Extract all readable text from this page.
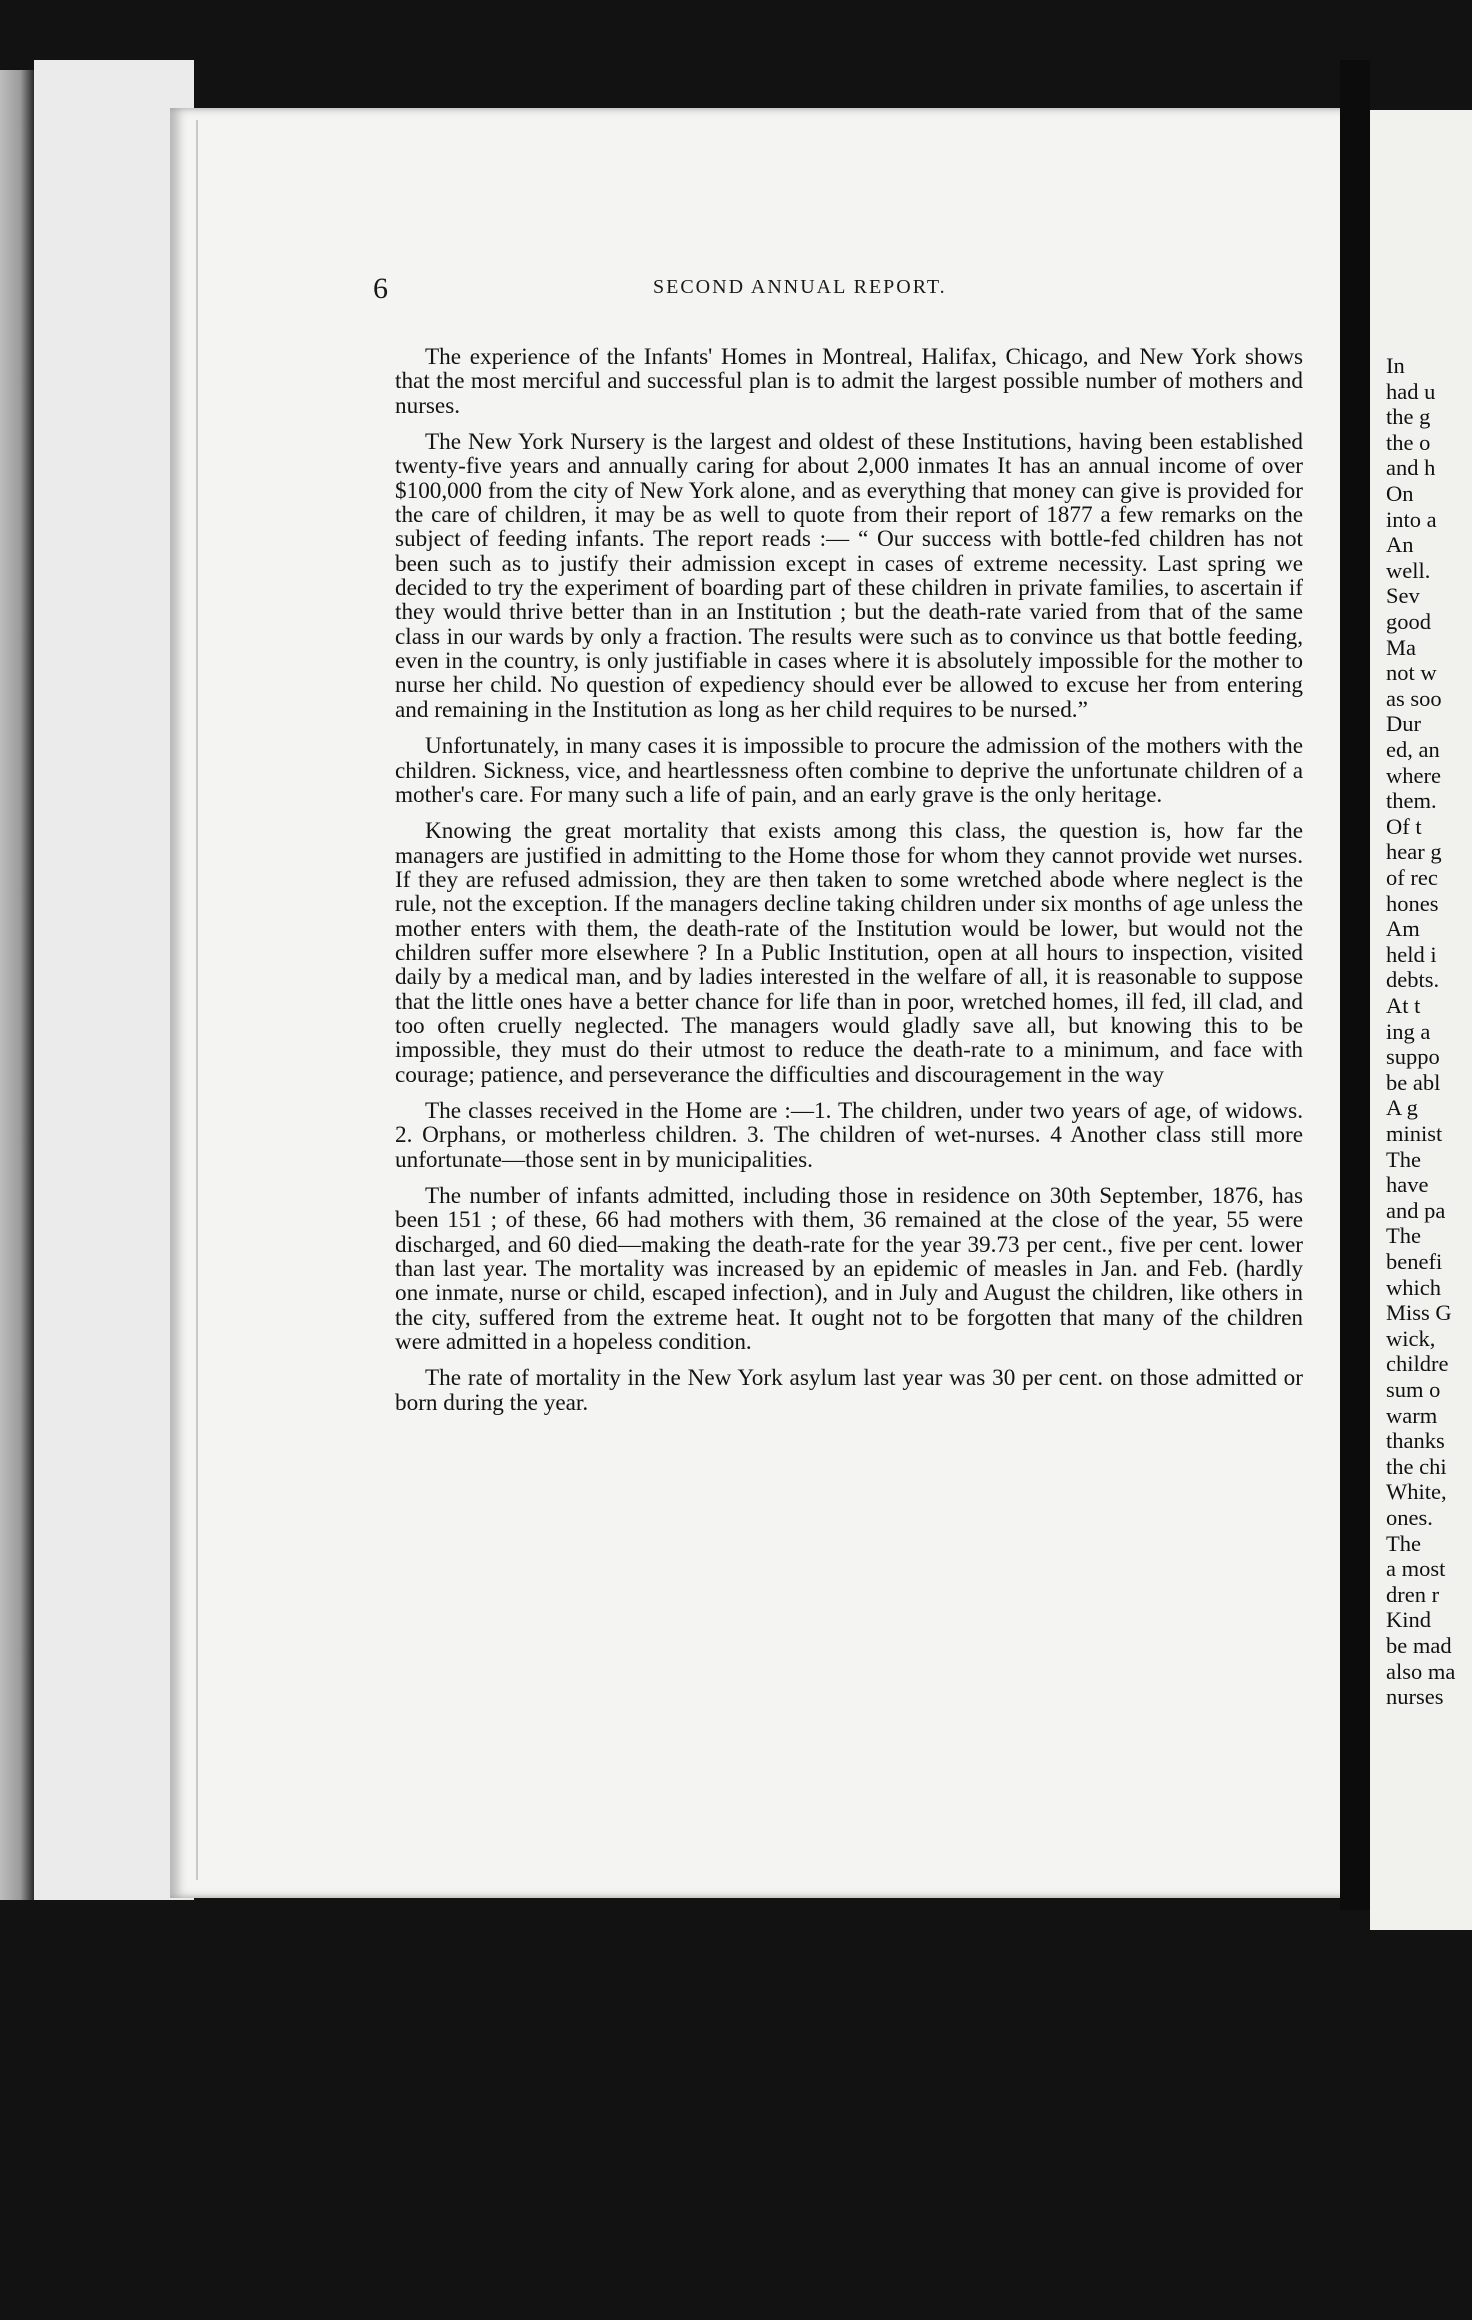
In
had u
the g
the o
and h
On
into a
An
well.
Sev
good
Ma
not w
as soo
Dur
ed, an
where
them.
Of t
hear g
of rec
hones
Am
held i
debts.
At t
ing a
suppo
be abl
A g
minist
The
have
and pa
The
benefi
which
Miss G
wick,
childre
sum o
warm
thanks
the chi
White,
ones.
The
a most
dren r
Kind
be mad
also ma
nurses
6	SECOND ANNUAL REPORT.

The experience of the Infants' Homes in Montreal, Halifax, Chicago, and New York shows that the most merciful and successful plan is to admit the largest possible number of mothers and nurses.

The New York Nursery is the largest and oldest of these Institutions, having been established twenty-five years and annually caring for about 2,000 inmates It has an annual income of over $100,000 from the city of New York alone, and as everything that money can give is provided for the care of children, it may be as well to quote from their report of 1877 a few remarks on the subject of feeding infants. The report reads :— “ Our success with bottle-fed children has not been such as to justify their admission except in cases of extreme necessity. Last spring we decided to try the experiment of boarding part of these children in private families, to ascertain if they would thrive better than in an Institution ; but the death-rate varied from that of the same class in our wards by only a fraction. The results were such as to convince us that bottle feeding, even in the country, is only justifiable in cases where it is absolutely impossible for the mother to nurse her child. No question of expediency should ever be allowed to excuse her from entering and remaining in the Institution as long as her child requires to be nursed.”

Unfortunately, in many cases it is impossible to procure the admission of the mothers with the children. Sickness, vice, and heartlessness often combine to deprive the unfortunate children of a mother's care. For many such a life of pain, and an early grave is the only heritage.

Knowing the great mortality that exists among this class, the question is, how far the managers are justified in admitting to the Home those for whom they cannot provide wet nurses. If they are refused admission, they are then taken to some wretched abode where neglect is the rule, not the exception. If the managers decline taking children under six months of age unless the mother enters with them, the death-rate of the Institution would be lower, but would not the children suffer more elsewhere ? In a Public Institution, open at all hours to inspection, visited daily by a medical man, and by ladies interested in the welfare of all, it is reasonable to suppose that the little ones have a better chance for life than in poor, wretched homes, ill fed, ill clad, and too often cruelly neglected. The managers would gladly save all, but knowing this to be impossible, they must do their utmost to reduce the death-rate to a minimum, and face with courage; patience, and perseverance the difficulties and discouragement in the way

The classes received in the Home are :—1. The children, under two years of age, of widows. 2. Orphans, or motherless children. 3. The children of wet-nurses. 4 Another class still more unfortunate—those sent in by municipalities.

The number of infants admitted, including those in residence on 30th September, 1876, has been 151 ; of these, 66 had mothers with them, 36 remained at the close of the year, 55 were discharged, and 60 died—making the death-rate for the year 39.73 per cent., five per cent. lower than last year. The mortality was increased by an epidemic of measles in Jan. and Feb. (hardly one inmate, nurse or child, escaped infection), and in July and August the children, like others in the city, suffered from the extreme heat. It ought not to be forgotten that many of the children were admitted in a hopeless condition.

The rate of mortality in the New York asylum last year was 30 per cent. on those admitted or born during the year.
